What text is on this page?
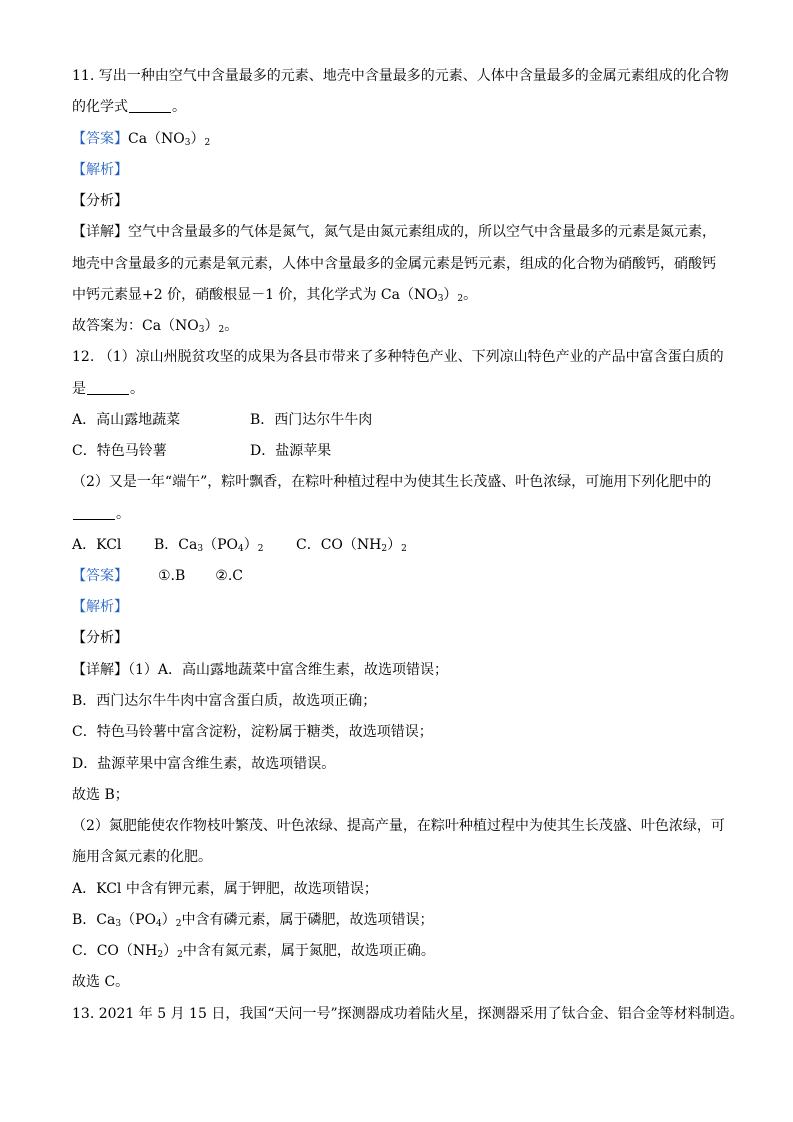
11. 写出一种由空气中含量最多的元素、地壳中含量最多的元素、人体中含量最多的金属元素组成的化合物
的化学式	。
【答案】$Ca(NO_3)_2$
【解析】
【分析】
【详解】空气中含量最多的气体是氮气，氮气是由氮元素组成的，所以空气中含量最多的元素是氮元素，
地壳中含量最多的元素是氧元素，人体中含量最多的金属元素是钙元素，组成的化合物为硝酸钙，硝酸钙
中钙元素显+2 价，硝酸根显－1 价，其化学式为 $Ca(NO_3)_2$。
故答案为：$Ca(NO_3)_2$。
12. （1）凉山州脱贫攻坚的成果为各县市带来了多种特色产业、下列凉山特色产业的产品中富含蛋白质的
是	。
A．高山露地蔬菜	B．西门达尔牛牛肉
C．特色马铃薯	D．盐源苹果
（2）又是一年“端午”，粽叶飘香，在粽叶种植过程中为使其生长茂盛、叶色浓绿，可施用下列化肥中的
。
A．KCl B．$Ca_3(PO_4)_2$ C．$CO(NH_2)_2$
【答案】 ①.B ②.C
【解析】
【分析】
【详解】（1）A．高山露地蔬菜中富含维生素，故选项错误；
B．西门达尔牛牛肉中富含蛋白质，故选项正确；
C．特色马铃薯中富含淀粉，淀粉属于糖类，故选项错误；
D．盐源苹果中富含维生素，故选项错误。
故选 B；
（2）氮肥能使农作物枝叶繁茂、叶色浓绿、提高产量，在粽叶种植过程中为使其生长茂盛、叶色浓绿，可
施用含氮元素的化肥。
A．KCl 中含有钾元素，属于钾肥，故选项错误；
B．$Ca_3(PO_4)_2$中含有磷元素，属于磷肥，故选项错误；
C．$CO(NH_2)_2$中含有氮元素，属于氮肥，故选项正确。
故选 C。
13. 2021 年 5 月 15 日，我国“天问一号”探测器成功着陆火星，探测器采用了钛合金、铝合金等材料制造。
